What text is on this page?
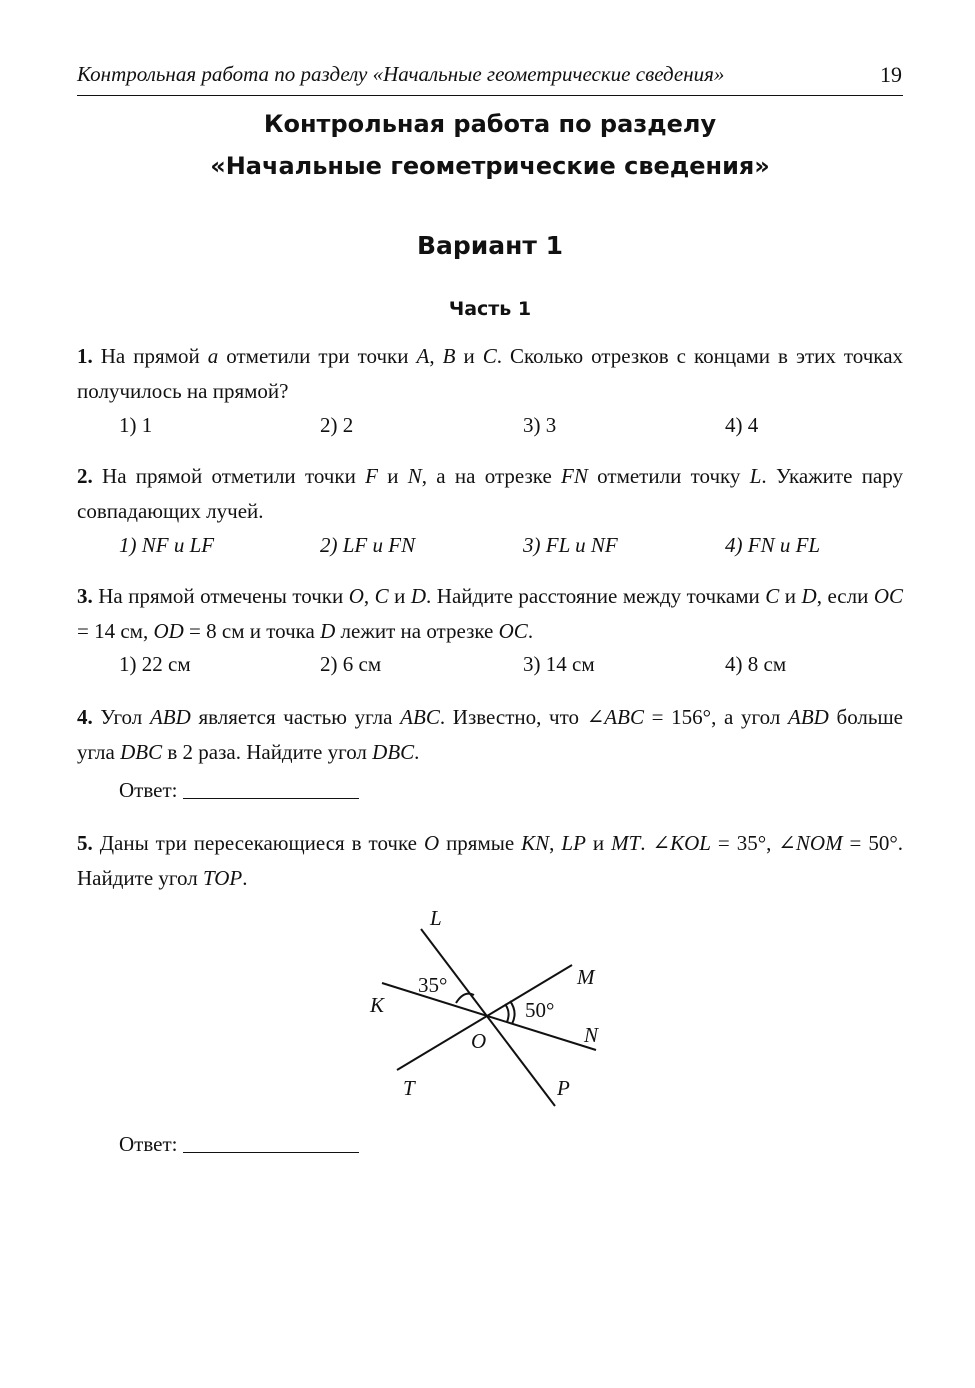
Контрольная работа по разделу «Начальные геометрические сведения»	19
Контрольная работа по разделу
«Начальные геометрические сведения»
Вариант 1
Часть 1
1. На прямой a отметили три точки A, B и C. Сколько отрезков с концами в этих точках получилось на прямой?
1) 1	2) 2	3) 3	4) 4
2. На прямой отметили точки F и N, а на отрезке FN отметили точку L. Укажите пару совпадающих лучей.
1) NF и LF	2) LF и FN	3) FL и NF	4) FN и FL
3. На прямой отмечены точки O, C и D. Найдите расстояние между точками C и D, если OC = 14 см, OD = 8 см и точка D лежит на отрезке OC.
1) 22 см	2) 6 см	3) 14 см	4) 8 см
4. Угол ABD является частью угла ABC. Известно, что ∠ABC = 156°, а угол ABD больше угла DBC в 2 раза. Найдите угол DBC.
Ответ:
5. Даны три пересекающиеся в точке O прямые KN, LP и MT. ∠KOL = 35°, ∠NOM = 50°. Найдите угол TOP.
L
M
K
N
O
T	P
35°
50°
Ответ:
